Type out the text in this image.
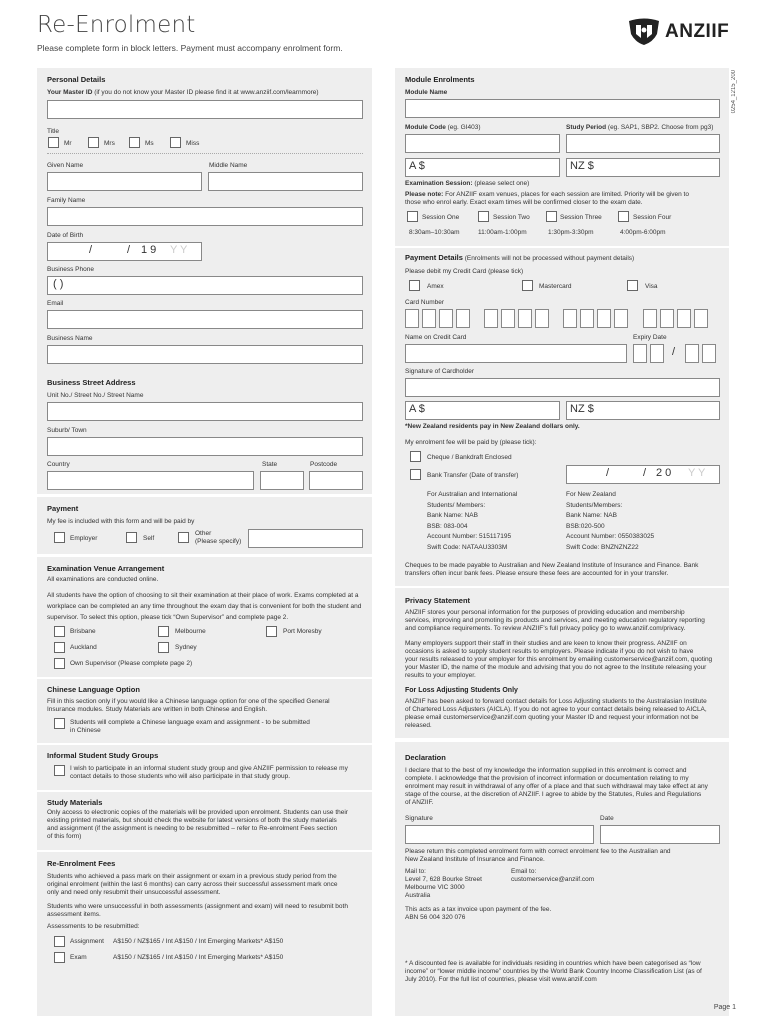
Re-Enrolment
Please complete form in block letters. Payment must accompany enrolment form.
ANZIIF
0254_1215_200
Personal Details
Your Master ID (if you do not know your Master ID please find it at www.anziif.com/learnmore)
Title
Mr	Mrs	Ms	Miss
Given Name	Middle Name
Family Name
Date of Birth
/	/ 1 9 Y Y
Business Phone
( )
Email
Business Name
Business Street Address
Unit No./ Street No./ Street Name
Suburb/ Town
Country	State	Postcode
Payment
My fee is included with this form and will be paid by
Employer	Self
Other
(Please specify)
Examination Venue Arrangement
All examinations are conducted online.
All students have the option of choosing to sit their examination at their place of work. Exams completed at a
workplace can be completed an any time throughout the exam day that is convenient for both the student and
supervisor. To select this option, please tick “Own Supervisor” and complete page 2.
Brisbane	Melbourne	Port Moresby
Auckland	Sydney
Own Supervisor (Please complete page 2)
Chinese Language Option
Fill in this section only if you would like a Chinese language option for one of the specified General
Insurance modules. Study Materials are written in both Chinese and English.
Students will complete a Chinese language exam and assignment - to be submitted
in Chinese
Informal Student Study Groups
I wish to participate in an informal student study group and give ANZIIF permission to release my
contact details to those students who will also participate in that study group.
Study Materials
Only access to electronic copies of the materials will be provided upon enrolment. Students can use their
existing printed materials, but should check the website for latest versions of both the study materials
and assignment (if the assignment is needing to be resubmitted – refer to Re-enrolment Fees section
of this form)
Re-Enrolment Fees
Students who achieved a pass mark on their assignment or exam in a previous study period from the
original enrolment (within the last 6 months) can carry across their successful assessment mark once
only and need only resubmit their unsuccessful assessment.
Students who were unsuccessful in both assessments (assignment and exam) will need to resubmit both
assessment items.
Assessments to be resubmitted:
Assignment A$150 / NZ$165 / Int A$150 / Int Emerging Markets* A$150
Exam	A$150 / NZ$165 / Int A$150 / Int Emerging Markets* A$150
Module Enrolments
Module Name
Module Code (eg. GI403)	Study Period (eg. SAP1, SBP2. Choose from pg3)
A $	NZ $
Examination Session: (please select one)
Please note: For ANZIIF exam venues, places for each session are limited. Priority will be given to
those who enrol early. Exact exam times will be confirmed closer to the exam date.
Session One	Session Two	Session Three	Session Four
8:30am–10:30am	11:00am-1:00pm	1:30pm-3:30pm	4:00pm-6:00pm
Payment Details (Enrolments will not be processed without payment details)
Please debit my Credit Card (please tick)
Amex	Mastercard	Visa
Card Number
Name on Credit Card	Expiry Date
/
Signature of Cardholder
A $	NZ $
*New Zealand residents pay in New Zealand dollars only.
My enrolment fee will be paid by (please tick):
Cheque / Bankdraft Enclosed
Bank Transfer (Date of transfer)	/	/ 2 0 Y Y
For Australian and International
Students/ Members:
Bank Name: NAB
BSB: 083-004
Account Number: 515117195
Swift Code: NATAAU3303M
For New Zealand
Students/Members:
Bank Name: NAB
BSB:020-500
Account Number: 0550383025
Swift Code: BNZNZNZ22
Cheques to be made payable to Australian and New Zealand Institute of Insurance and Finance. Bank
transfers often incur bank fees. Please ensure these fees are accounted for in your transfer.
Privacy Statement
ANZIIF stores your personal information for the purposes of providing education and membership
services, improving and promoting its products and services, and meeting education regulatory reporting
and compliance requirements. To review ANZIIF’s full privacy policy go to www.anziif.com/privacy.
Many employers support their staff in their studies and are keen to know their progress. ANZIIF on
occasions is asked to supply student results to employers. Please indicate if you do not wish to have
your results released to your employer for this enrolment by emailing customerservice@anziif.com, quoting
your Master ID, the name of the module and advising that you do not agree to the Institute releasing your
results to your employer.
For Loss Adjusting Students Only
ANZIIF has been asked to forward contact details for Loss Adjusting students to the Australasian Institute
of Chartered Loss Adjusters (AICLA). If you do not agree to your contact details being released to AICLA,
please email customerservice@anziif.com quoting your Master ID and request your information not be
released.
Declaration
I declare that to the best of my knowledge the information supplied in this enrolment is correct and
complete. I acknowledge that the provision of incorrect information or documentation relating to my
enrolment may result in withdrawal of any offer of a place and that such withdrawal may take effect at any
stage of the course, at the discretion of ANZIIF. I agree to abide by the Statutes, Rules and Regulations
of ANZIIF.
Signature	Date
Please return this completed enrolment form with correct enrolment fee to the Australian and
New Zealand Institute of Insurance and Finance.
Mail to:
Level 7, 628 Bourke Street
Melbourne VIC 3000
Australia
Email to:
customerservice@anziif.com
This acts as a tax invoice upon payment of the fee.
ABN 56 004 320 076
* A discounted fee is available for individuals residing in countries which have been categorised as “low
income” or “lower middle income” countries by the World Bank Country Income Classification List (as of
July 2010). For the full list of countries, please visit www.anziif.com
Page 1
